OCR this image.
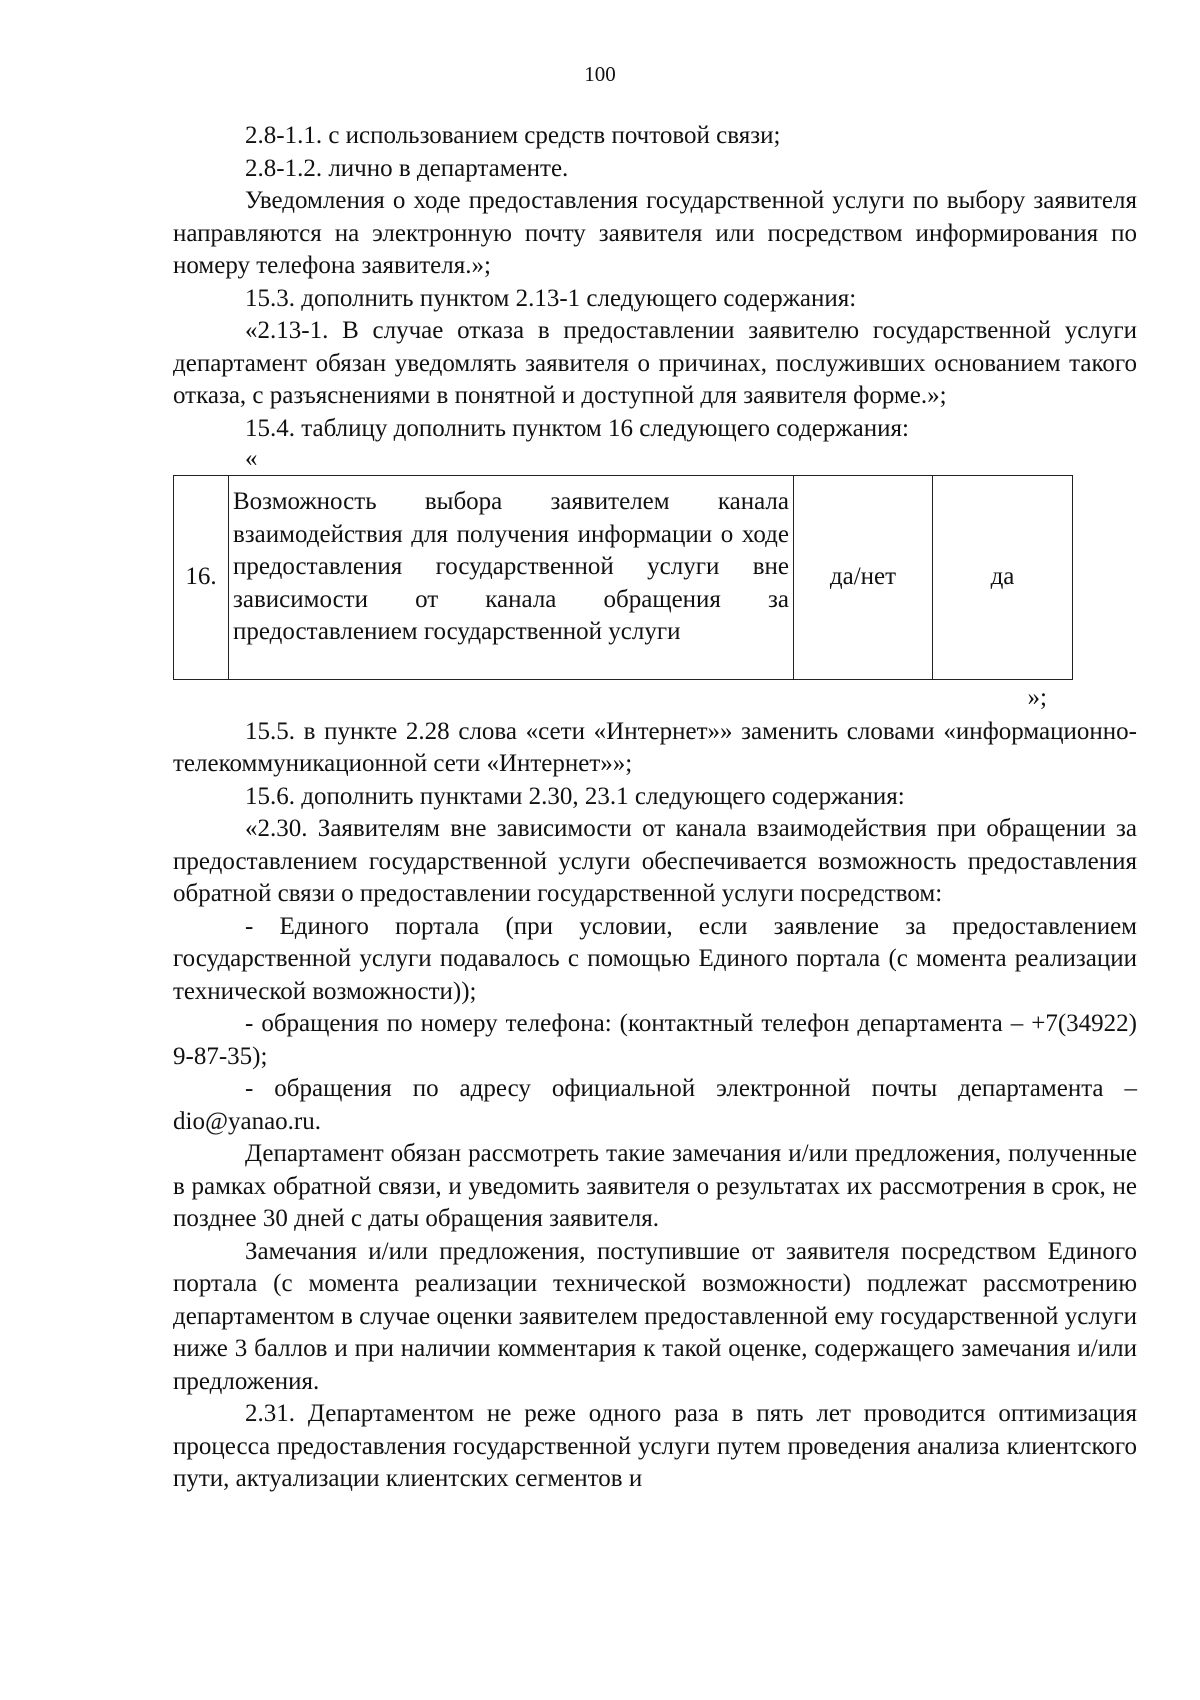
100

2.8-1.1. с использованием средств почтовой связи;

2.8-1.2. лично в департаменте.

Уведомления о ходе предоставления государственной услуги по выбору заявителя направляются на электронную почту заявителя или посредством информирования по номеру телефона заявителя.»;

15.3. дополнить пунктом 2.13-1 следующего содержания:

«2.13-1. В случае отказа в предоставлении заявителю государственной услуги департамент обязан уведомлять заявителя о причинах, послуживших основанием такого отказа, с разъяснениями в понятной и доступной для заявителя форме.»;

15.4. таблицу дополнить пунктом 16 следующего содержания:

«
16.	Возможность выбора заявителем канала взаимодействия для получения информации о ходе предоставления государственной услуги вне зависимости от канала обращения за предоставлением государственной услуги	да/нет	да
»;

15.5. в пункте 2.28 слова «сети «Интернет»» заменить словами «информационно-телекоммуникационной сети «Интернет»»;

15.6. дополнить пунктами 2.30, 23.1 следующего содержания:

«2.30. Заявителям вне зависимости от канала взаимодействия при обращении за предоставлением государственной услуги обеспечивается возможность предоставления обратной связи о предоставлении государственной услуги посредством:

- Единого портала (при условии, если заявление за предоставлением государственной услуги подавалось с помощью Единого портала (с момента реализации технической возможности));

- обращения по номеру телефона: (контактный телефон департамента – +7(34922) 9-87-35);

- обращения по адресу официальной электронной почты департамента – dio@yanao.ru.

Департамент обязан рассмотреть такие замечания и/или предложения, полученные в рамках обратной связи, и уведомить заявителя о результатах их рассмотрения в срок, не позднее 30 дней с даты обращения заявителя.

Замечания и/или предложения, поступившие от заявителя посредством Единого портала (с момента реализации технической возможности) подлежат рассмотрению департаментом в случае оценки заявителем предоставленной ему государственной услуги ниже 3 баллов и при наличии комментария к такой оценке, содержащего замечания и/или предложения.

2.31. Департаментом не реже одного раза в пять лет проводится оптимизация процесса предоставления государственной услуги путем проведения анализа клиентского пути, актуализации клиентских сегментов и
